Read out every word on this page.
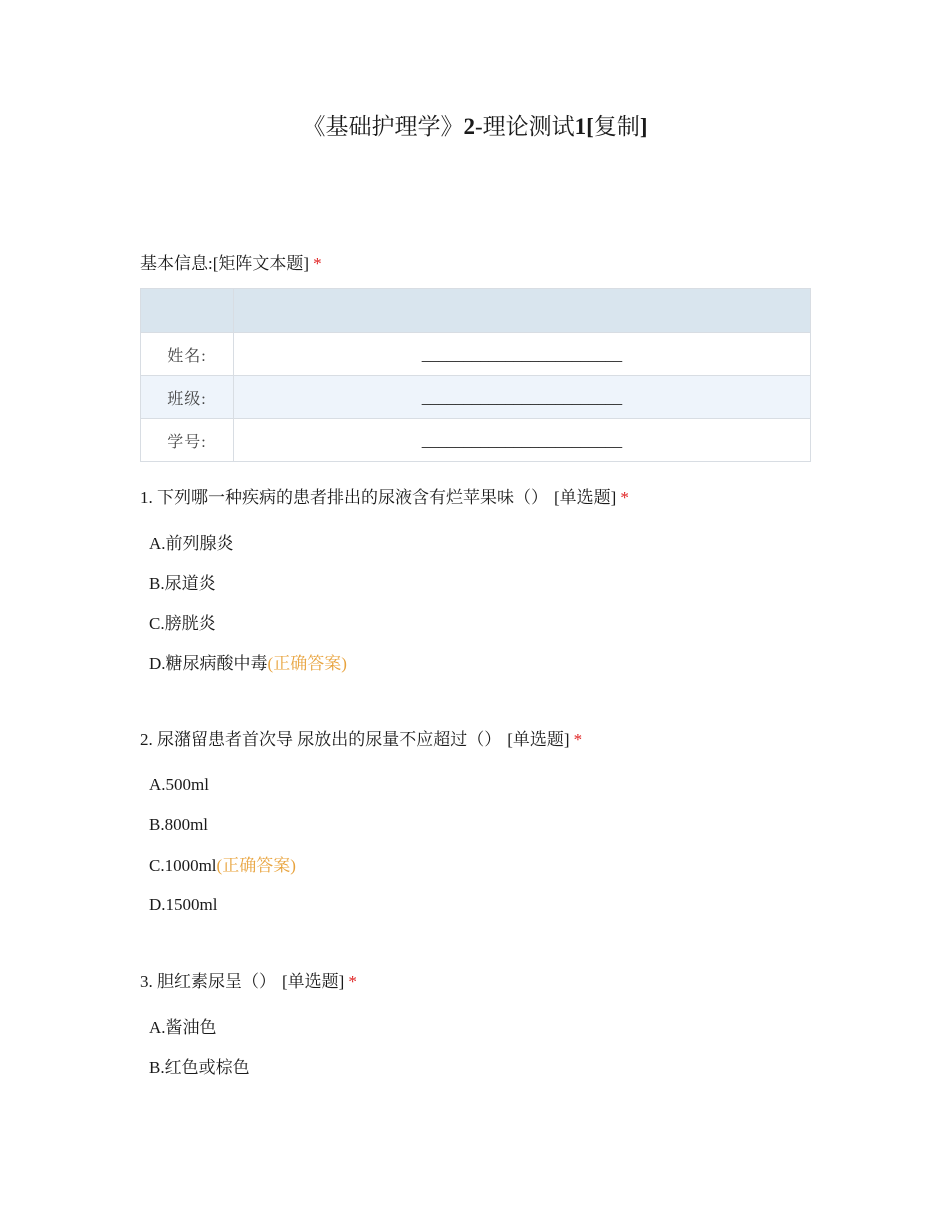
《基础护理学》2-理论测试1[复制]
基本信息:[矩阵文本题] *

姓名:	________________________
班级:	________________________
学号:	________________________
1. 下列哪一种疾病的患者排出的尿液含有烂苹果味（） [单选题] *
A.前列腺炎
B.尿道炎
C.膀胱炎
D.糖尿病酸中毒(正确答案)
2. 尿潴留患者首次导 尿放出的尿量不应超过（） [单选题] *
A.500ml
B.800ml
C.1000ml(正确答案)
D.1500ml
3. 胆红素尿呈（） [单选题] *
A.酱油色
B.红色或棕色
